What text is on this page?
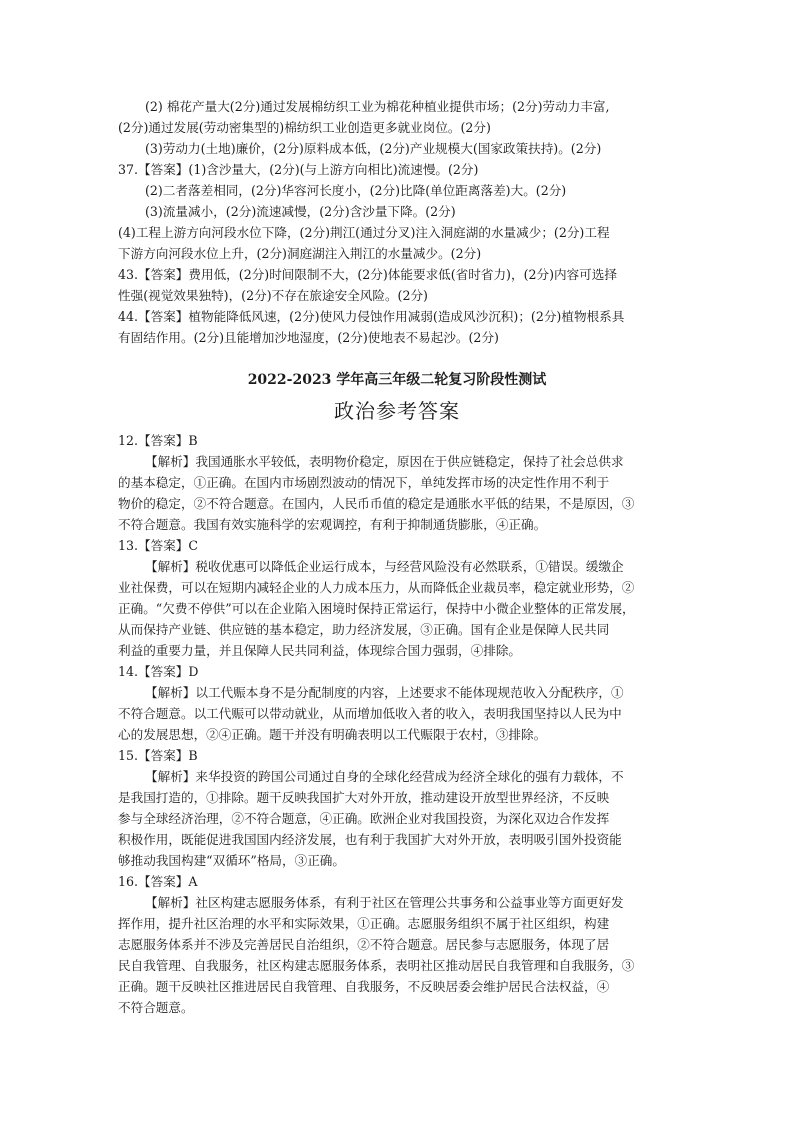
(2) 棉花产量大(2分)通过发展棉纺织工业为棉花种植业提供市场；(2分)劳动力丰富,
(2分)通过发展(劳动密集型的)棉纺织工业创造更多就业岗位。(2分)
(3)劳动力(土地)廉价，(2分)原料成本低，(2分)产业规模大(国家政策扶持)。(2分)
37.【答案】(1)含沙量大，(2分)(与上游方向相比)流速慢。(2分)
(2)二者落差相同，(2分)华容河长度小，(2分)比降(单位距离落差)大。(2分)
(3)流量减小，(2分)流速减慢，(2分)含沙量下降。(2分)
(4)工程上游方向河段水位下降，(2分)荆江(通过分叉)注入洞庭湖的水量减少；(2分)工程
下游方向河段水位上升，(2分)洞庭湖注入荆江的水量减少。(2分)
43.【答案】费用低，(2分)时间限制不大，(2分)体能要求低(省时省力)，(2分)内容可选择
性强(视觉效果独特)，(2分)不存在旅途安全风险。(2分)
44.【答案】植物能降低风速，(2分)使风力侵蚀作用减弱(造成风沙沉积)；(2分)植物根系具
有固结作用。(2分)且能增加沙地湿度，(2分)使地表不易起沙。(2分)
2022-2023 学年高三年级二轮复习阶段性测试
政治参考答案
12.【答案】B
【解析】我国通胀水平较低，表明物价稳定，原因在于供应链稳定，保持了社会总供求
的基本稳定，①正确。在国内市场剧烈波动的情况下，单纯发挥市场的决定性作用不利于
物价的稳定，②不符合题意。在国内，人民币币值的稳定是通胀水平低的结果，不是原因，③
不符合题意。我国有效实施科学的宏观调控，有利于抑制通货膨胀，④正确。
13.【答案】C
【解析】税收优惠可以降低企业运行成本，与经营风险没有必然联系，①错误。缓缴企
业社保费，可以在短期内减轻企业的人力成本压力，从而降低企业裁员率，稳定就业形势，②
正确。“欠费不停供”可以在企业陷入困境时保持正常运行，保持中小微企业整体的正常发展，
从而保持产业链、供应链的基本稳定，助力经济发展，③正确。国有企业是保障人民共同
利益的重要力量，并且保障人民共同利益，体现综合国力强弱，④排除。
14.【答案】D
【解析】以工代赈本身不是分配制度的内容，上述要求不能体现规范收入分配秩序，①
不符合题意。以工代赈可以带动就业，从而增加低收入者的收入，表明我国坚持以人民为中
心的发展思想，②④正确。题干并没有明确表明以工代赈限于农村，③排除。
15.【答案】B
【解析】来华投资的跨国公司通过自身的全球化经营成为经济全球化的强有力载体，不
是我国打造的，①排除。题干反映我国扩大对外开放，推动建设开放型世界经济，不反映
参与全球经济治理，②不符合题意，④正确。欧洲企业对我国投资，为深化双边合作发挥
积极作用，既能促进我国国内经济发展，也有利于我国扩大对外开放，表明吸引国外投资能
够推动我国构建“双循环”格局，③正确。
16.【答案】A
【解析】社区构建志愿服务体系，有利于社区在管理公共事务和公益事业等方面更好发
挥作用，提升社区治理的水平和实际效果，①正确。志愿服务组织不属于社区组织，构建
志愿服务体系并不涉及完善居民自治组织，②不符合题意。居民参与志愿服务，体现了居
民自我管理、自我服务，社区构建志愿服务体系，表明社区推动居民自我管理和自我服务，③
正确。题干反映社区推进居民自我管理、自我服务，不反映居委会维护居民合法权益，④
不符合题意。
